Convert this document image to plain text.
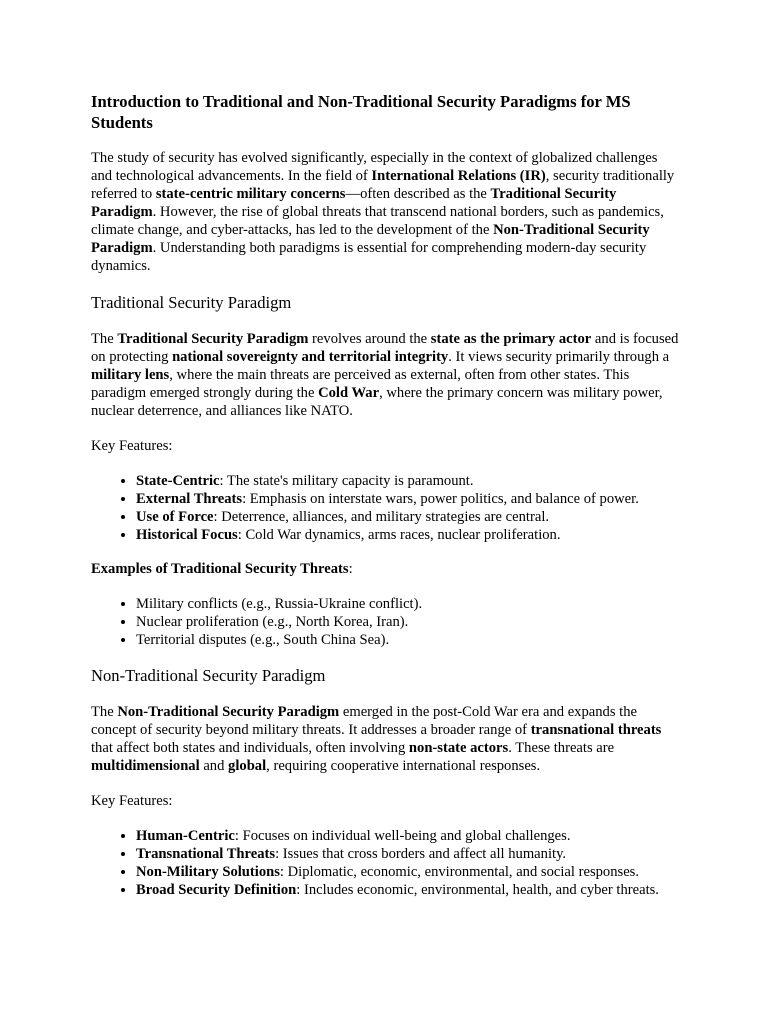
Introduction to Traditional and Non-Traditional Security Paradigms for MS Students

The study of security has evolved significantly, especially in the context of globalized challenges and technological advancements. In the field of International Relations (IR), security traditionally referred to state-centric military concerns—often described as the Traditional Security Paradigm. However, the rise of global threats that transcend national borders, such as pandemics, climate change, and cyber-attacks, has led to the development of the Non-Traditional Security Paradigm. Understanding both paradigms is essential for comprehending modern-day security dynamics.

Traditional Security Paradigm

The Traditional Security Paradigm revolves around the state as the primary actor and is focused on protecting national sovereignty and territorial integrity. It views security primarily through a military lens, where the main threats are perceived as external, often from other states. This paradigm emerged strongly during the Cold War, where the primary concern was military power, nuclear deterrence, and alliances like NATO.

Key Features:

• State-Centric: The state's military capacity is paramount.
• External Threats: Emphasis on interstate wars, power politics, and balance of power.
• Use of Force: Deterrence, alliances, and military strategies are central.
• Historical Focus: Cold War dynamics, arms races, nuclear proliferation.

Examples of Traditional Security Threats:

• Military conflicts (e.g., Russia-Ukraine conflict).
• Nuclear proliferation (e.g., North Korea, Iran).
• Territorial disputes (e.g., South China Sea).
Non-Traditional Security Paradigm

The Non-Traditional Security Paradigm emerged in the post-Cold War era and expands the concept of security beyond military threats. It addresses a broader range of transnational threats that affect both states and individuals, often involving non-state actors. These threats are multidimensional and global, requiring cooperative international responses.

Key Features:

• Human-Centric: Focuses on individual well-being and global challenges.
• Transnational Threats: Issues that cross borders and affect all humanity.
• Non-Military Solutions: Diplomatic, economic, environmental, and social responses.
• Broad Security Definition: Includes economic, environmental, health, and cyber threats.
